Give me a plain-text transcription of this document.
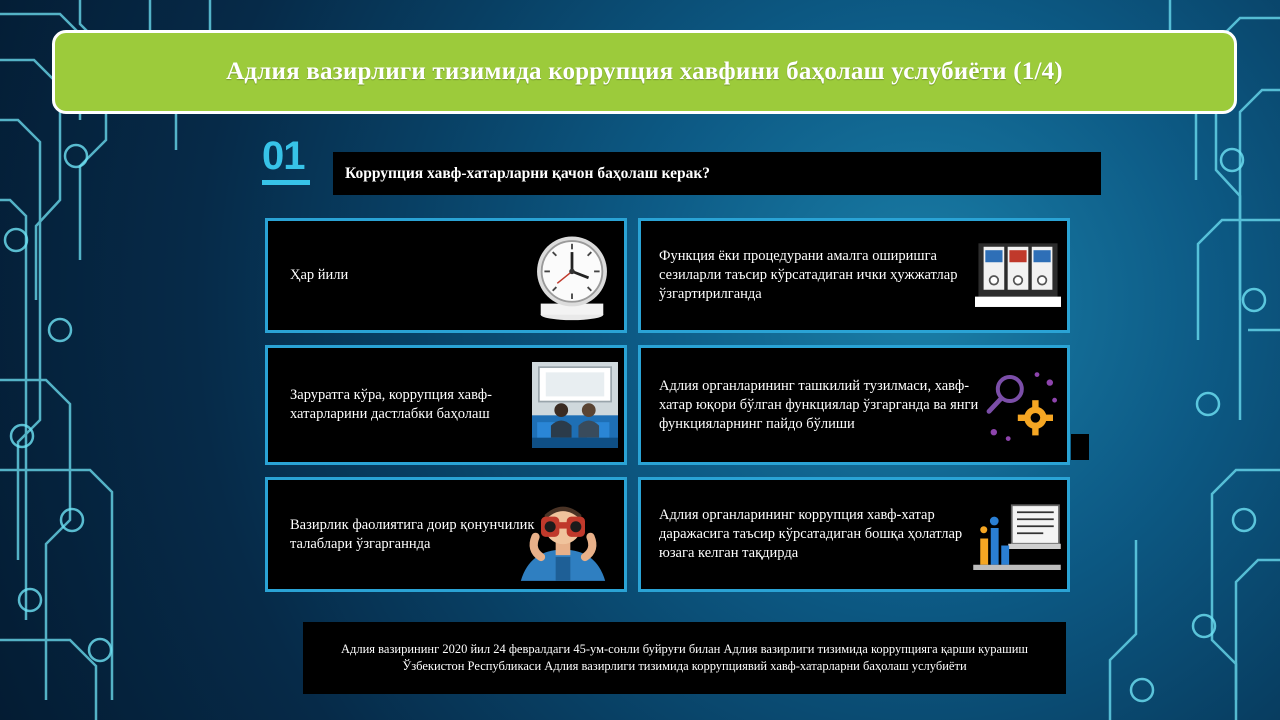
Адлия вазирлиги тизимида коррупция хавфини баҳолаш услубиёти (1/4)
01	Коррупция хавф-хатарларни қачон баҳолаш керак?
Ҳар йили
Функция ёки процедурани амалга оширишга сезиларли таъсир кўрсатадиган ички ҳужжатлар ўзгартирилганда
Заруратга кўра, коррупция хавф-хатарларини дастлабки баҳолаш
Адлия органларининг ташкилий тузилмаси, хавф-хатар юқори бўлган функциялар ўзгарганда ва янги функцияларнинг пайдо бўлиши
Вазирлик фаолиятига доир қонунчилик талаблари ўзгарганнда
Адлия органларининг коррупция хавф-хатар даражасига таъсир кўрсатадиган бошқа ҳолатлар юзага келган тақдирда
Адлия вазирининг 2020 йил 24 февралдаги 45-ум-сонли буйруғи билан Адлия вазирлиги тизимида коррупцияга қарши курашиш Ўзбекистон Республикаси Адлия вазирлиги тизимида коррупциявий хавф-хатарларни баҳолаш услубиёти
